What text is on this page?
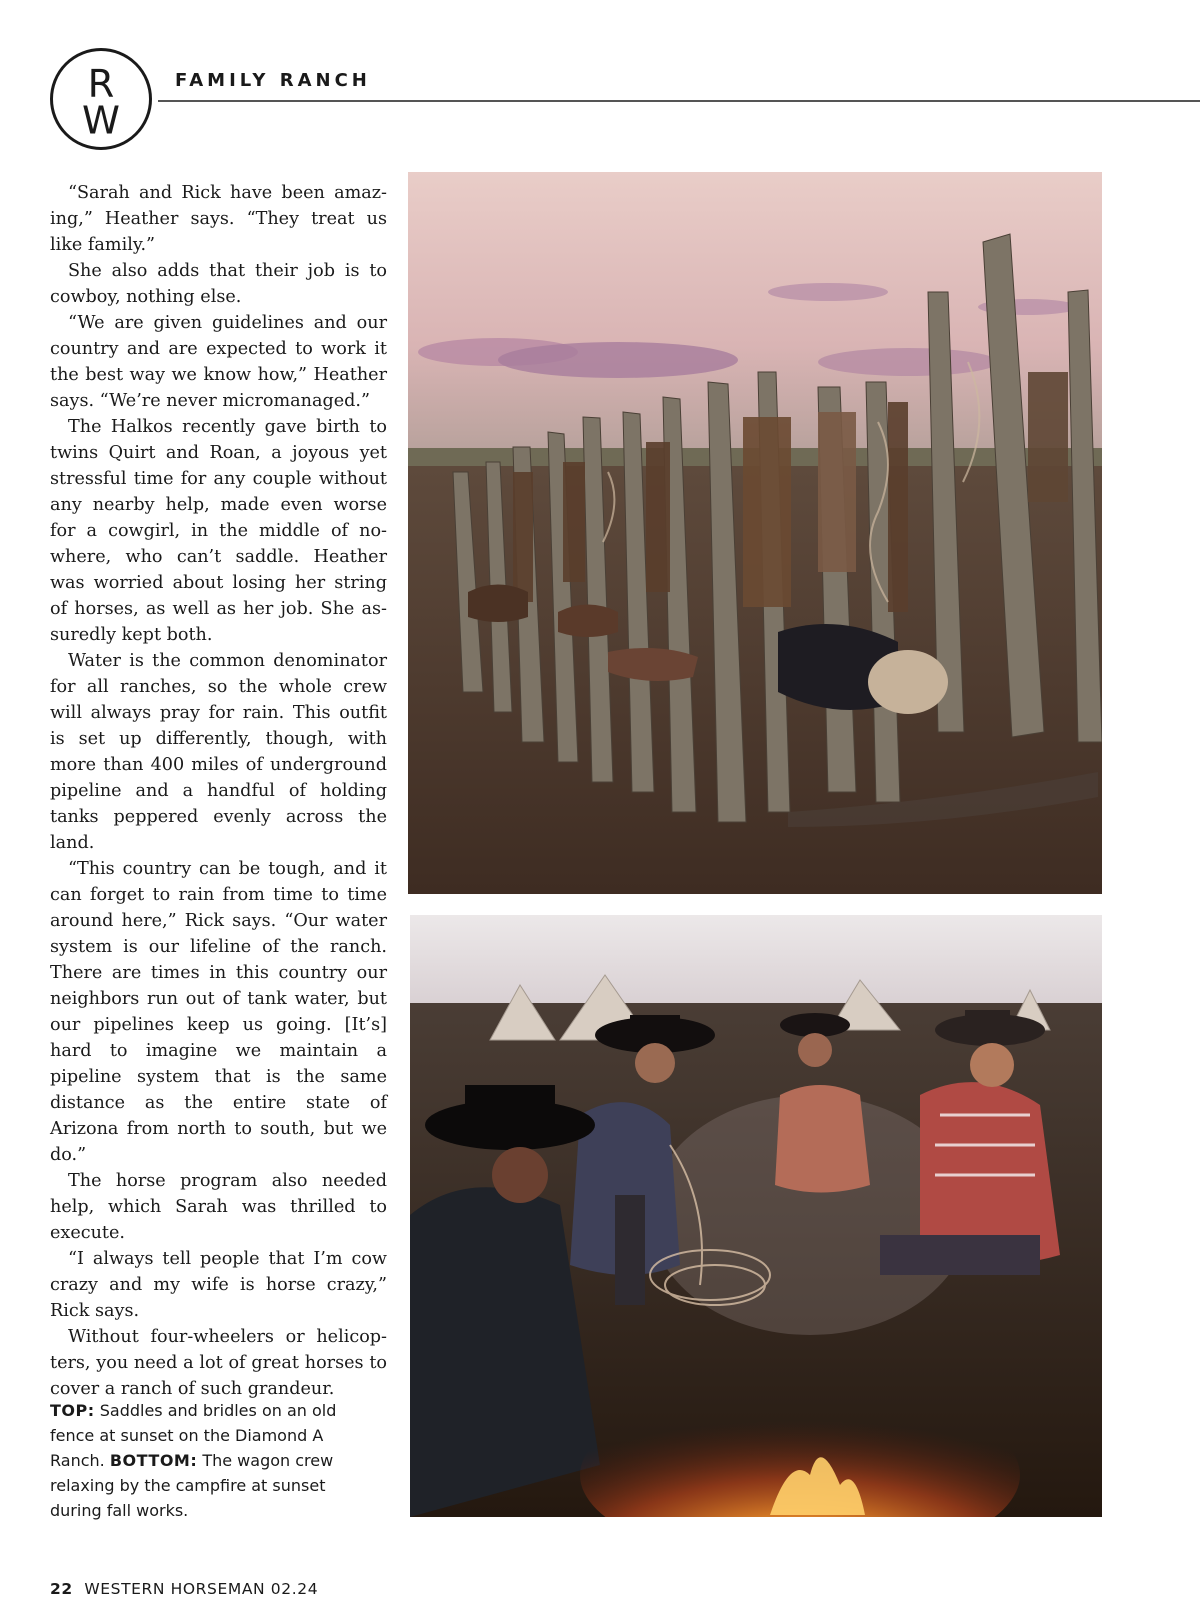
R
W
FAMILY RANCH

“Sarah and Rick have been amazing,” Heather says. “They treat us like family.”

She also adds that their job is to cowboy, nothing else.

“We are given guidelines and our country and are expected to work it the best way we know how,” Heather says. “We’re never micromanaged.”

The Halkos recently gave birth to twins Quirt and Roan, a joyous yet stressful time for any couple without any nearby help, made even worse for a cowgirl, in the middle of nowhere, who can’t saddle. Heather was worried about losing her string of horses, as well as her job. She assuredly kept both.

Water is the common denominator for all ranches, so the whole crew will always pray for rain. This outfit is set up differently, though, with more than 400 miles of underground pipeline and a handful of holding tanks peppered evenly across the land.

“This country can be tough, and it can forget to rain from time to time around here,” Rick says. “Our water system is our lifeline of the ranch. There are times in this country our neighbors run out of tank water, but our pipelines keep us going. [It’s] hard to imagine we maintain a pipeline system that is the same distance as the entire state of Arizona from north to south, but we do.”

The horse program also needed help, which Sarah was thrilled to execute.

“I always tell people that I’m cow crazy and my wife is horse crazy,” Rick says.

Without four-wheelers or helicopters, you need a lot of great horses to cover a ranch of such grandeur.

TOP: Saddles and bridles on an old fence at sunset on the Diamond A Ranch. BOTTOM: The wagon crew relaxing by the campfire at sunset during fall works.
22 WESTERN HORSEMAN 02.24
